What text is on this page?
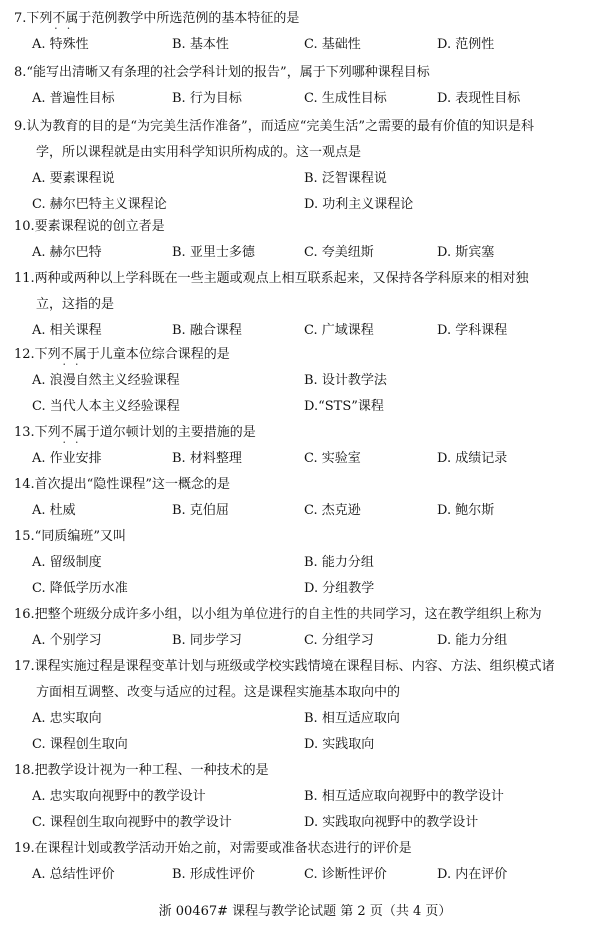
7.下列不属 • •于范例教学中所选范例的基本特征的是
A. 特殊性	B. 基本性	C. 基础性	D. 范例性
8.“能写出清晰又有条理的社会学科计划的报告”，属于下列哪种课程目标
A. 普遍性目标	B. 行为目标	C. 生成性目标	D. 表现性目标
9.认为教育的目的是“为完美生活作准备”，而适应“完美生活”之需要的最有价值的知识是科
学，所以课程就是由实用科学知识所构成的。这一观点是
A. 要素课程说	B. 泛智课程说
C. 赫尔巴特主义课程论	D. 功利主义课程论
10.要素课程说的创立者是
A. 赫尔巴特	B. 亚里士多德	C. 夸美纽斯	D. 斯宾塞
11.两种或两种以上学科既在一些主题或观点上相互联系起来，又保持各学科原来的相对独
立，这指的是
A. 相关课程	B. 融合课程	C. 广域课程	D. 学科课程
12.下列不属 • •于儿童本位综合课程的是
A. 浪漫自然主义经验课程	B. 设计教学法
C. 当代人本主义经验课程	D.“STS”课程
13.下列不属 • •于道尔顿计划的主要措施的是
A. 作业安排	B. 材料整理	C. 实验室	D. 成绩记录
14.首次提出“隐性课程”这一概念的是
A. 杜威	B. 克伯屈	C. 杰克逊	D. 鲍尔斯
15.“同质编班”又叫
A. 留级制度	B. 能力分组
C. 降低学历水准	D. 分组教学
16.把整个班级分成许多小组，以小组为单位进行的自主性的共同学习，这在教学组织上称为
A. 个别学习	B. 同步学习	C. 分组学习	D. 能力分组
17.课程实施过程是课程变革计划与班级或学校实践情境在课程目标、内容、方法、组织模式诸
方面相互调整、改变与适应的过程。这是课程实施基本取向中的
A. 忠实取向	B. 相互适应取向
C. 课程创生取向	D. 实践取向
18.把教学设计视为一种工程、一种技术的是
A. 忠实取向视野中的教学设计	B. 相互适应取向视野中的教学设计
C. 课程创生取向视野中的教学设计	D. 实践取向视野中的教学设计
19.在课程计划或教学活动开始之前，对需要或准备状态进行的评价是
A. 总结性评价	B. 形成性评价	C. 诊断性评价	D. 内在评价
浙 00467# 课程与教学论试题 第 2 页（共 4 页）
